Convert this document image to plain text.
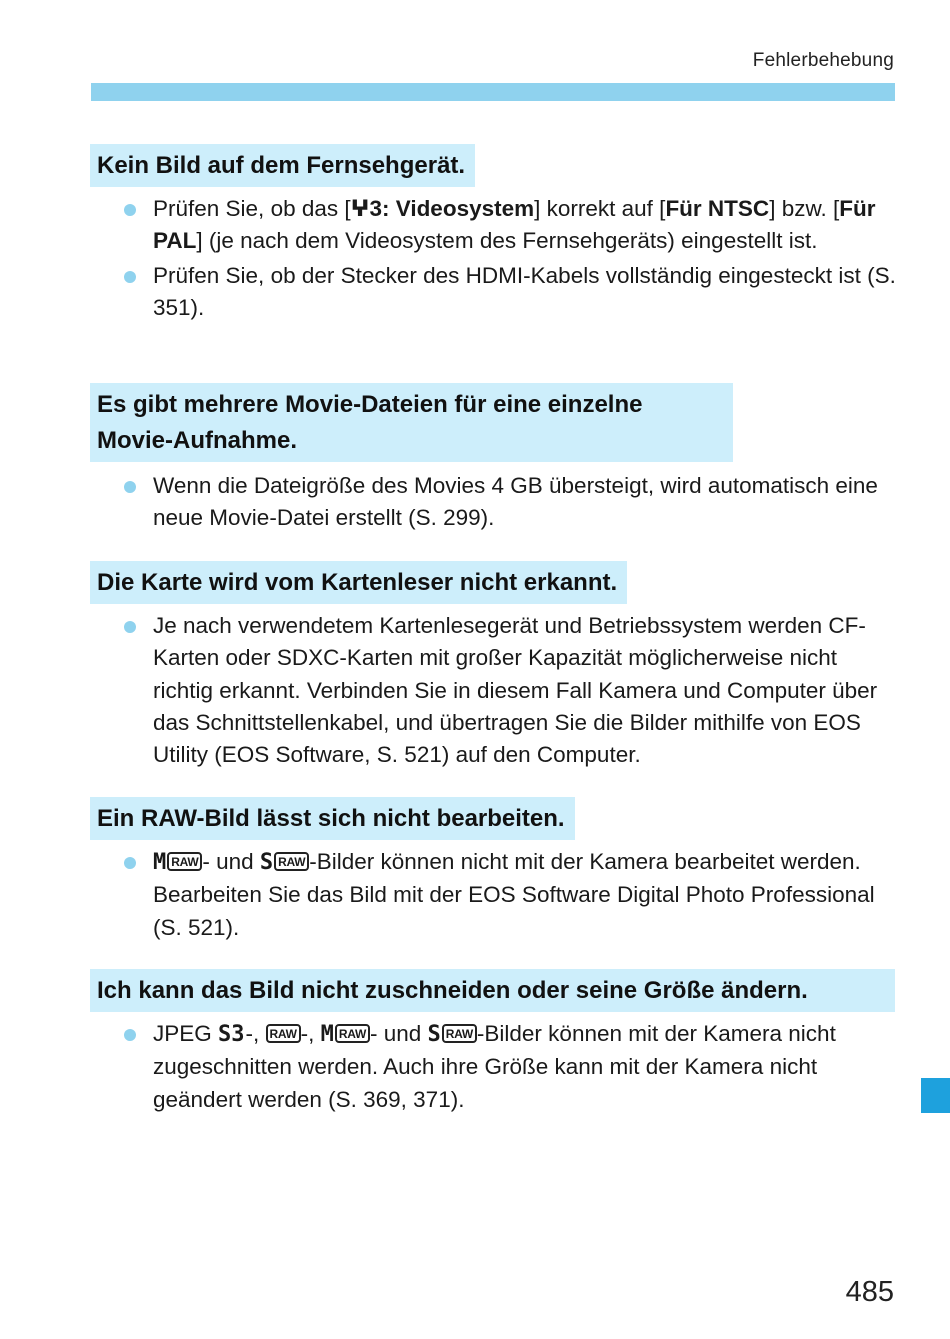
Fehlerbehebung
Kein Bild auf dem Fernsehgerät.
Prüfen Sie, ob das [ⵖ3: Videosystem] korrekt auf [Für NTSC] bzw. [Für PAL] (je nach dem Videosystem des Fernsehgeräts) eingestellt ist.
Prüfen Sie, ob der Stecker des HDMI-Kabels vollständig eingesteckt ist (S. 351).
Es gibt mehrere Movie-Dateien für eine einzelne
Movie-Aufnahme.
Wenn die Dateigröße des Movies 4 GB übersteigt, wird automatisch eine neue Movie-Datei erstellt (S. 299).
Die Karte wird vom Kartenleser nicht erkannt.
Je nach verwendetem Kartenlesegerät und Betriebssystem werden CF-Karten oder SDXC-Karten mit großer Kapazität möglicherweise nicht richtig erkannt. Verbinden Sie in diesem Fall Kamera und Computer über das Schnittstellenkabel, und übertragen Sie die Bilder mithilfe von EOS Utility (EOS Software, S. 521) auf den Computer.
Ein RAW-Bild lässt sich nicht bearbeiten.
M RAW - und S RAW -Bilder können nicht mit der Kamera bearbeitet werden. Bearbeiten Sie das Bild mit der EOS Software Digital Photo Professional (S. 521).
Ich kann das Bild nicht zuschneiden oder seine Größe ändern.
JPEG S3-, RAW -, M RAW - und S RAW -Bilder können mit der Kamera nicht zugeschnitten werden. Auch ihre Größe kann mit der Kamera nicht geändert werden (S. 369, 371).
485
